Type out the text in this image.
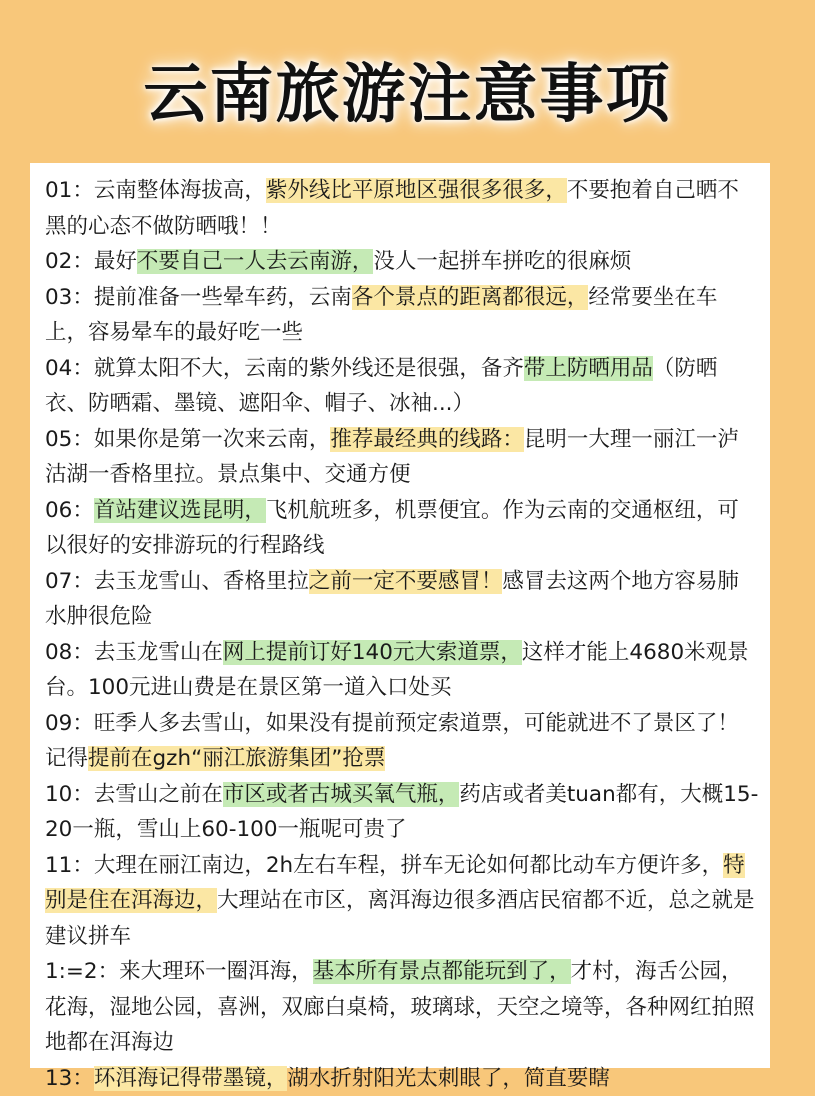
云南旅游注意事项

01：云南整体海拔高，紫外线比平原地区强很多很多，不要抱着自己晒不黑的心态不做防晒哦！！

02：最好不要自己一人去云南游，没人一起拼车拼吃的很麻烦

03：提前准备一些晕车药，云南各个景点的距离都很远，经常要坐在车上，容易晕车的最好吃一些

04：就算太阳不大，云南的紫外线还是很强，备齐带上防晒用品（防晒衣、防晒霜、墨镜、遮阳伞、帽子、冰袖...）

05：如果你是第一次来云南，推荐最经典的线路：昆明一大理一丽江一泸沽湖一香格里拉。景点集中、交通方便

06：首站建议选昆明，飞机航班多，机票便宜。作为云南的交通枢纽，可以很好的安排游玩的行程路线

07：去玉龙雪山、香格里拉之前一定不要感冒！感冒去这两个地方容易肺水肿很危险

08：去玉龙雪山在网上提前订好140元大索道票，这样才能上4680米观景台。100元进山费是在景区第一道入口处买

09：旺季人多去雪山，如果没有提前预定索道票，可能就进不了景区了！记得提前在gzh“丽江旅游集团”抢票

10：去雪山之前在市区或者古城买氧气瓶，药店或者美tuan都有，大概15-20一瓶，雪山上60-100一瓶呢可贵了

11：大理在丽江南边，2h左右车程，拼车无论如何都比动车方便许多，特别是住在洱海边，大理站在市区，离洱海边很多酒店民宿都不近，总之就是建议拼车

1:=2：来大理环一圈洱海，基本所有景点都能玩到了，才村，海舌公园，花海，湿地公园，喜洲，双廊白桌椅，玻璃球，天空之境等，各种网红拍照地都在洱海边

13：环洱海记得带墨镜，湖水折射阳光太刺眼了，简直要瞎
